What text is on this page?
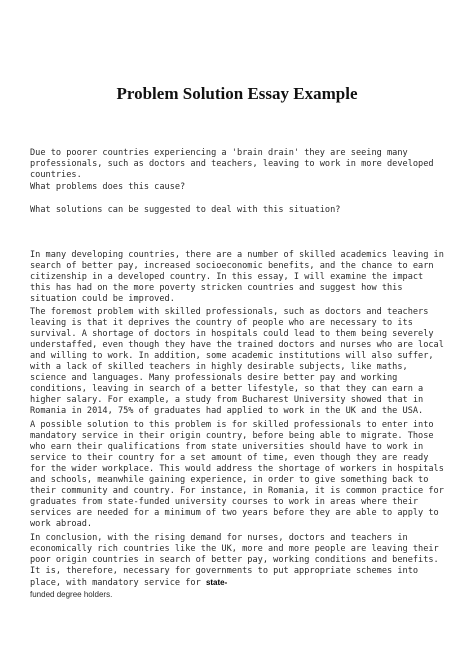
Problem Solution Essay Example

Due to poorer countries experiencing a 'brain drain' they are seeing many professionals, such as doctors and teachers, leaving to work in more developed countries.

What problems does this cause?

What solutions can be suggested to deal with this situation?

In many developing countries, there are a number of skilled academics leaving in search of better pay, increased socioeconomic benefits, and the chance to earn citizenship in a developed country. In this essay, I will examine the impact this has had on the more poverty stricken countries and suggest how this situation could be improved.

The foremost problem with skilled professionals, such as doctors and teachers leaving is that it deprives the country of people who are necessary to its survival. A shortage of doctors in hospitals could lead to them being severely understaffed, even though they have the trained doctors and nurses who are local and willing to work. In addition, some academic institutions will also suffer, with a lack of skilled teachers in highly desirable subjects, like maths, science and languages. Many professionals desire better pay and working conditions, leaving in search of a better lifestyle, so that they can earn a higher salary. For example, a study from Bucharest University showed that in Romania in 2014, 75% of graduates had applied to work in the UK and the USA.

A possible solution to this problem is for skilled professionals to enter into mandatory service in their origin country, before being able to migrate. Those who earn their qualifications from state universities should have to work in service to their country for a set amount of time, even though they are ready for the wider workplace. This would address the shortage of workers in hospitals and schools, meanwhile gaining experience, in order to give something back to their community and country. For instance, in Romania, it is common practice for graduates from state-funded university courses to work in areas where their services are needed for a minimum of two years before they are able to apply to work abroad.

In conclusion, with the rising demand for nurses, doctors and teachers in economically rich countries like the UK, more and more people are leaving their poor origin countries in search of better pay, working conditions and benefits. It is, therefore, necessary for governments to put appropriate schemes into place, with mandatory service for state-
funded degree holders.
